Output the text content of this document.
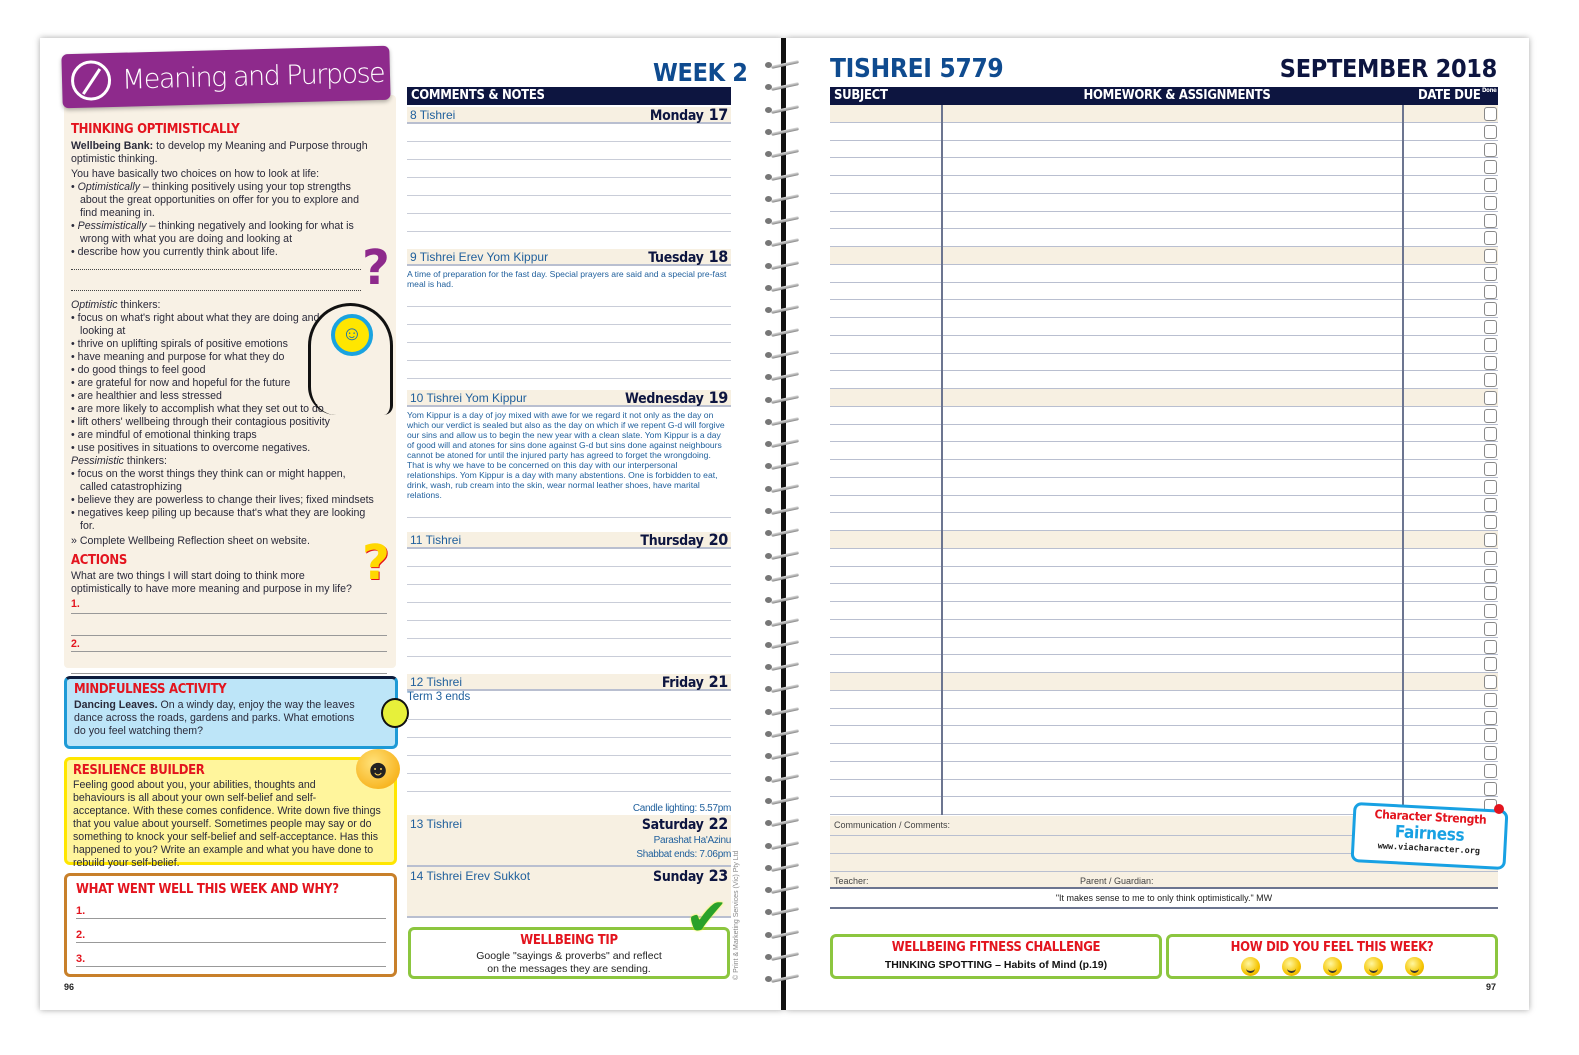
Meaning and Purpose
THINKING OPTIMISTICALLY
Wellbeing Bank: to develop my Meaning and Purpose through optimistic thinking.
You have basically two choices on how to look at life:
• Optimistically – thinking positively using your top strengths about the great opportunities on offer for you to explore and find meaning in.
• Pessimistically – thinking negatively and looking for what is wrong with what you are doing and looking at
• describe how you currently think about life.
Optimistic thinkers:
• focus on what's right about what they are doing and looking at
• thrive on uplifting spirals of positive emotions
• have meaning and purpose for what they do
• do good things to feel good
• are grateful for now and hopeful for the future
• are healthier and less stressed
• are more likely to accomplish what they set out to do
• lift others' wellbeing through their contagious positivity
• are mindful of emotional thinking traps
• use positives in situations to overcome negatives.
Pessimistic thinkers:
• focus on the worst things they think can or might happen, called catastrophizing
• believe they are powerless to change their lives; fixed mindsets
• negatives keep piling up because that's what they are looking for.
» Complete Wellbeing Reflection sheet on website.
ACTIONS
What are two things I will start doing to think more optimistically to have more meaning and purpose in my life?
1.
2.
?
?
☺
MINDFULNESS ACTIVITY
Dancing Leaves. On a windy day, enjoy the way the leaves dance across the roads, gardens and parks. What emotions do you feel watching them?
RESILIENCE BUILDER
Feeling good about you, your abilities, thoughts and behaviours is all about your own self-belief and self-acceptance. With these comes confidence. Write down five things that you value about yourself. Sometimes people may say or do something to knock your self-belief and self-acceptance. Has this happened to you? Write an example and what you have done to rebuild your self-belief.
☻
WHAT WENT WELL THIS WEEK AND WHY?
1.
2.
3.
96
WEEK 2
COMMENTS & NOTES
8 Tishrei	Monday 17
9 Tishrei Erev Yom Kippur	Tuesday 18
A time of preparation for the fast day. Special prayers are said and a special pre-fast meal is had.
10 Tishrei Yom Kippur	Wednesday 19
Yom Kippur is a day of joy mixed with awe for we regard it not only as the day on which our verdict is sealed but also as the day on which if we repent G-d will forgive our sins and allow us to begin the new year with a clean slate. Yom Kippur is a day of good will and atones for sins done against G-d but sins done against neighbours cannot be atoned for until the injured party has agreed to forget the wrongdoing. That is why we have to be concerned on this day with our interpersonal relationships. Yom Kippur is a day with many abstentions. One is forbidden to eat, drink, wash, rub cream into the skin, wear normal leather shoes, have marital relations.
11 Tishrei	Thursday 20
12 Tishrei	Friday 21
Term 3 ends
Candle lighting: 5.57pm
13 Tishrei	Saturday 22
Parashat Ha'Azinu
Shabbat ends: 7.06pm
14 Tishrei Erev Sukkot	Sunday 23
WELLBEING TIP
Google "sayings & proverbs" and reflect on the messages they are sending.
✔ © Print & Marketing Services (Vic) Pty Ltd
TISHREI 5779	SEPTEMBER 2018
SUBJECT	HOMEWORK & ASSIGNMENTS	DATE DUE Done
Communication / Comments:
Teacher:	Parent / Guardian:
"It makes sense to me to only think optimistically." MW
WELLBEING FITNESS CHALLENGE
THINKING SPOTTING – Habits of Mind (p.19)
HOW DID YOU FEEL THIS WEEK?
Character Strength
Fairness
www.viacharacter.org
97
